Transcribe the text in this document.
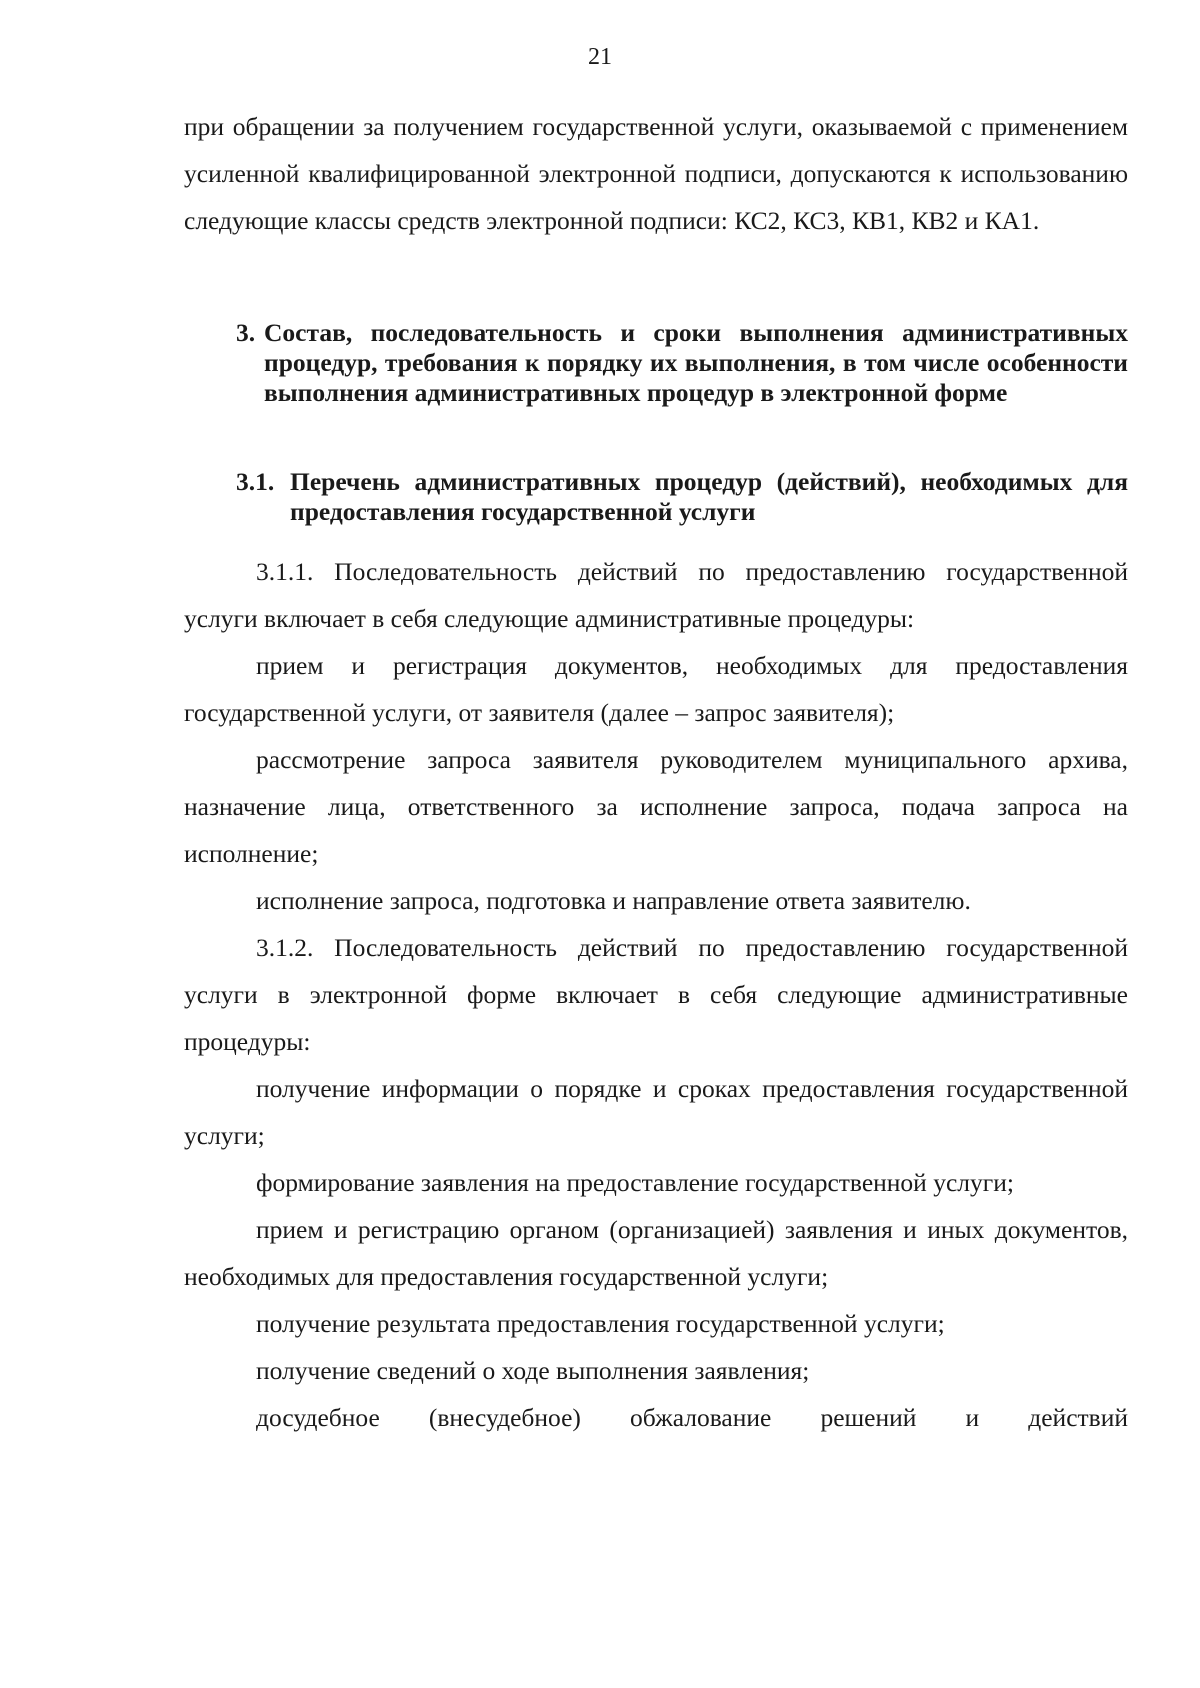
21

при обращении за получением государственной услуги, оказываемой с применением усиленной квалифицированной электронной подписи, допускаются к использованию следующие классы средств электронной подписи: КС2, КС3, КВ1, КВ2 и КА1.

3. Состав, последовательность и сроки выполнения административных процедур, требования к порядку их выполнения, в том числе особенности выполнения административных процедур в электронной форме

3.1. Перечень административных процедур (действий), необходимых для предоставления государственной услуги

3.1.1. Последовательность действий по предоставлению государственной услуги включает в себя следующие административные процедуры:

прием и регистрация документов, необходимых для предоставления государственной услуги, от заявителя (далее – запрос заявителя);

рассмотрение запроса заявителя руководителем муниципального архива, назначение лица, ответственного за исполнение запроса, подача запроса на исполнение;

исполнение запроса, подготовка и направление ответа заявителю.

3.1.2. Последовательность действий по предоставлению государственной услуги в электронной форме включает в себя следующие административные процедуры:

получение информации о порядке и сроках предоставления государственной услуги;

формирование заявления на предоставление государственной услуги;

прием и регистрацию органом (организацией) заявления и иных документов, необходимых для предоставления государственной услуги;

получение результата предоставления государственной услуги;

получение сведений о ходе выполнения заявления;

досудебное (внесудебное) обжалование решений и действий
